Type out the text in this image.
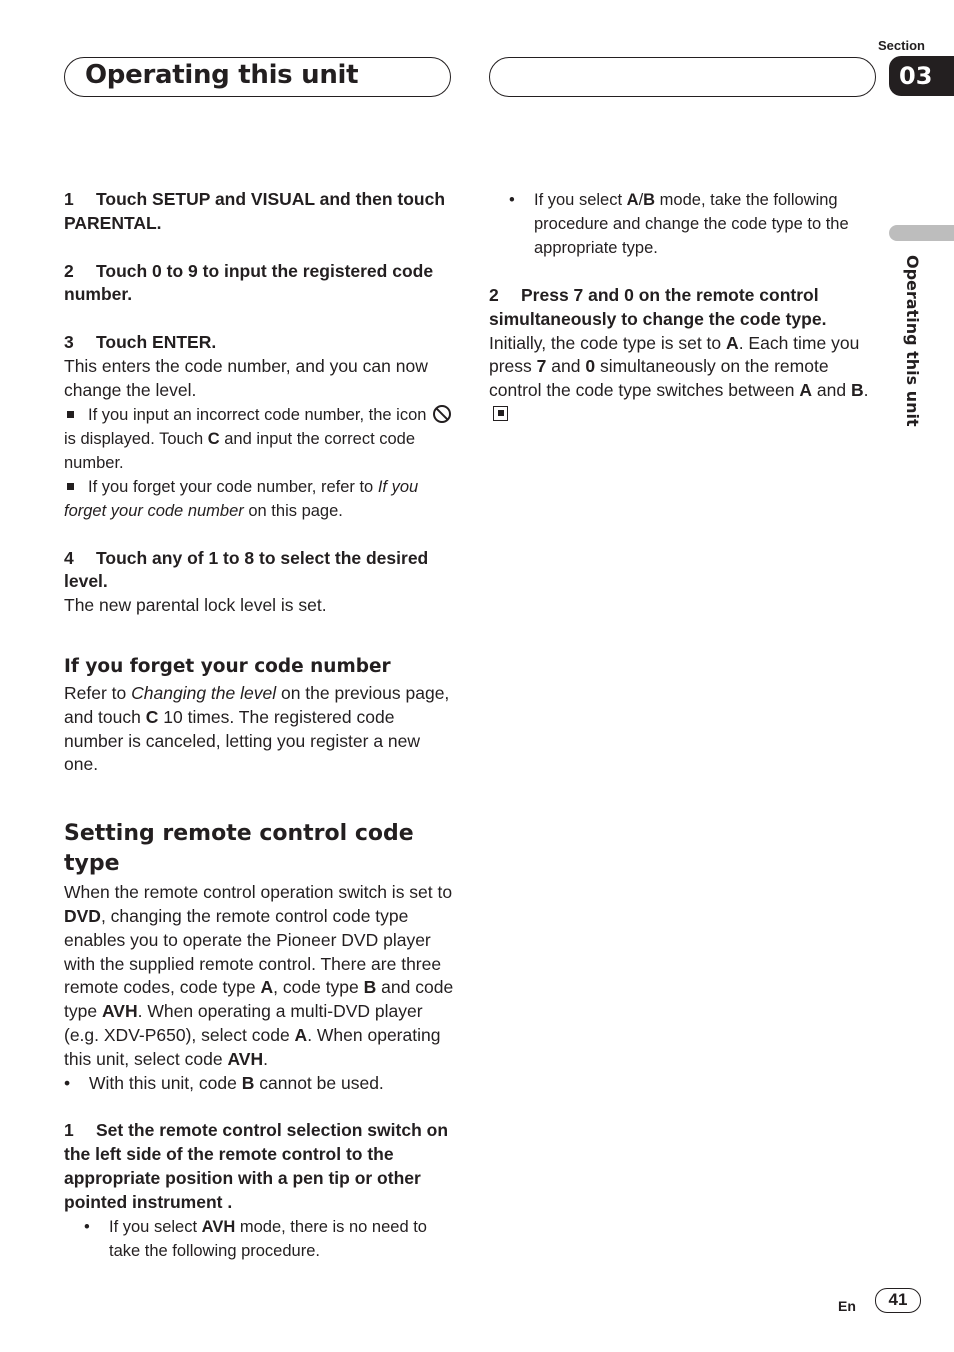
Operating this unit
Section
03
Operating this unit

1 Touch SETUP and VISUAL and then touch PARENTAL.

2 Touch 0 to 9 to input the registered code number.

3 Touch ENTER.

This enters the code number, and you can now change the level.

If you input an incorrect code number, the icon  is displayed. Touch C and input the correct code number.

If you forget your code number, refer to If you forget your code number on this page.

4 Touch any of 1 to 8 to select the desired level.

The new parental lock level is set.

If you forget your code number

Refer to Changing the level on the previous page, and touch C 10 times. The registered code number is canceled, letting you register a new one.

Setting remote control code type

When the remote control operation switch is set to DVD, changing the remote control code type enables you to operate the Pioneer DVD player with the supplied remote control. There are three remote codes, code type A, code type B and code type AVH. When operating a multi-DVD player (e.g. XDV-P650), select code A. When operating this unit, select code AVH.

• With this unit, code B cannot be used.

1 Set the remote control selection switch on the left side of the remote control to the appropriate position with a pen tip or other pointed instrument .

• If you select AVH mode, there is no need to take the following procedure.

• If you select A/B mode, take the following procedure and change the code type to the appropriate type.

2 Press 7 and 0 on the remote control simultaneously to change the code type.

Initially, the code type is set to A. Each time you press 7 and 0 simultaneously on the remote control the code type switches between A and B.

En	41
